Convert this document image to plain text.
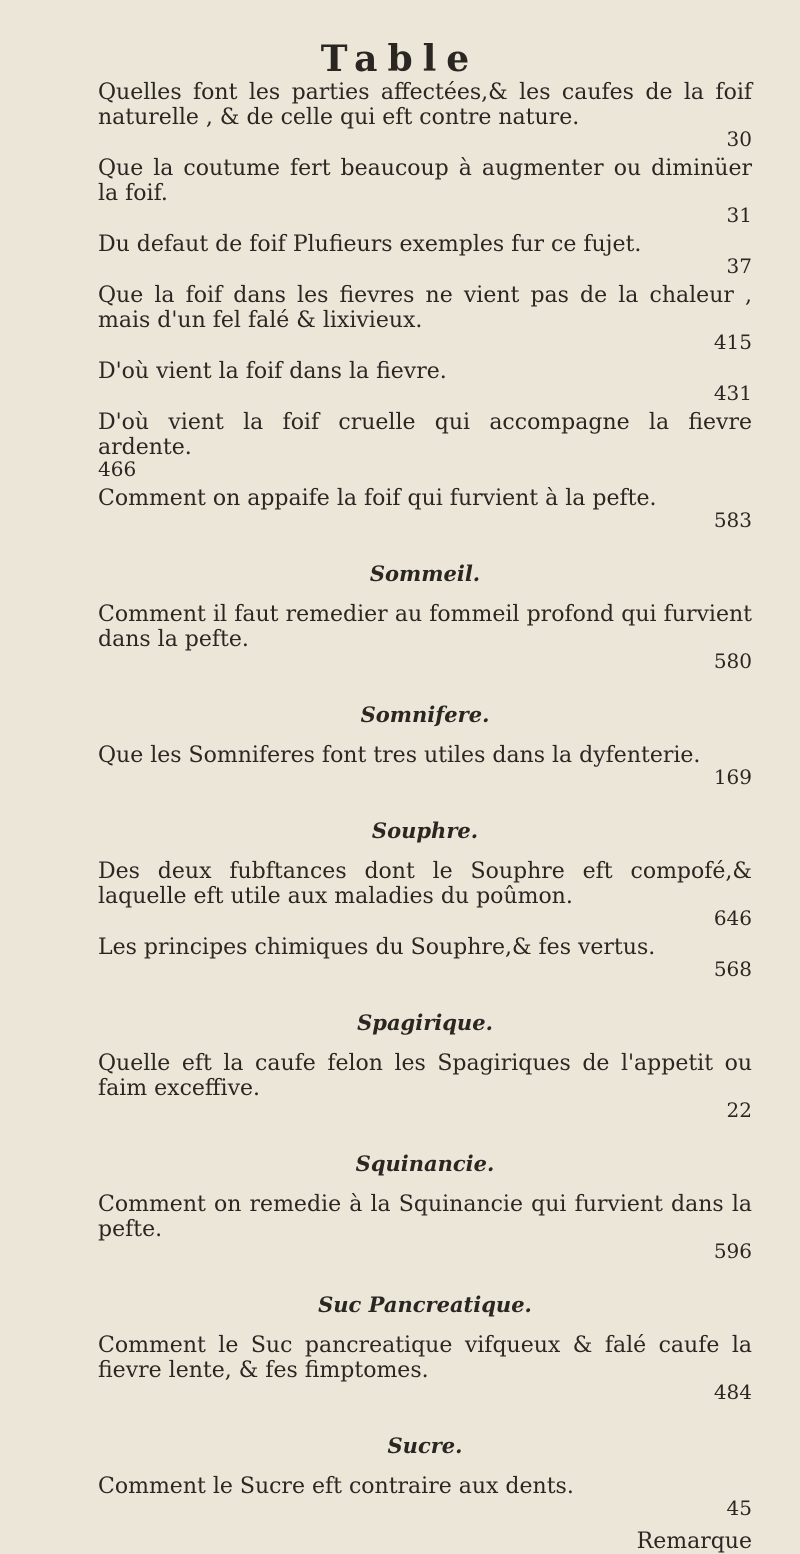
Table
Quelles font les parties affectées,& les caufes de la foif naturelle , & de celle qui eft contre nature.
30
Que la coutume fert beaucoup à augmenter ou diminüer la foif.
31
Du defaut de foif Plufieurs exemples fur ce fujet.
37
Que la foif dans les fievres ne vient pas de la chaleur , mais d'un fel falé & lixivieux.
415
D'où vient la foif dans la fievre.
431
D'où vient la foif cruelle qui accompagne la fievre ardente.
466
Comment on appaife la foif qui furvient à la pefte.
583
Sommeil.
Comment il faut remedier au fommeil profond qui furvient dans la pefte.
580
Somnifere.
Que les Somniferes font tres utiles dans la dyfenterie.
169
Souphre.
Des deux fubftances dont le Souphre eft compofé,& laquelle eft utile aux maladies du poûmon.
646
Les principes chimiques du Souphre,& fes vertus.
568
Spagirique.
Quelle eft la caufe felon les Spagiriques de l'appetit ou faim exceffive.
22
Squinancie.
Comment on remedie à la Squinancie qui furvient dans la pefte.
596
Suc Pancreatique.
Comment le Suc pancreatique vifqueux & falé caufe la fievre lente, & fes fimptomes.
484
Sucre.
Comment le Sucre eft contraire aux dents.
45
Remarque
